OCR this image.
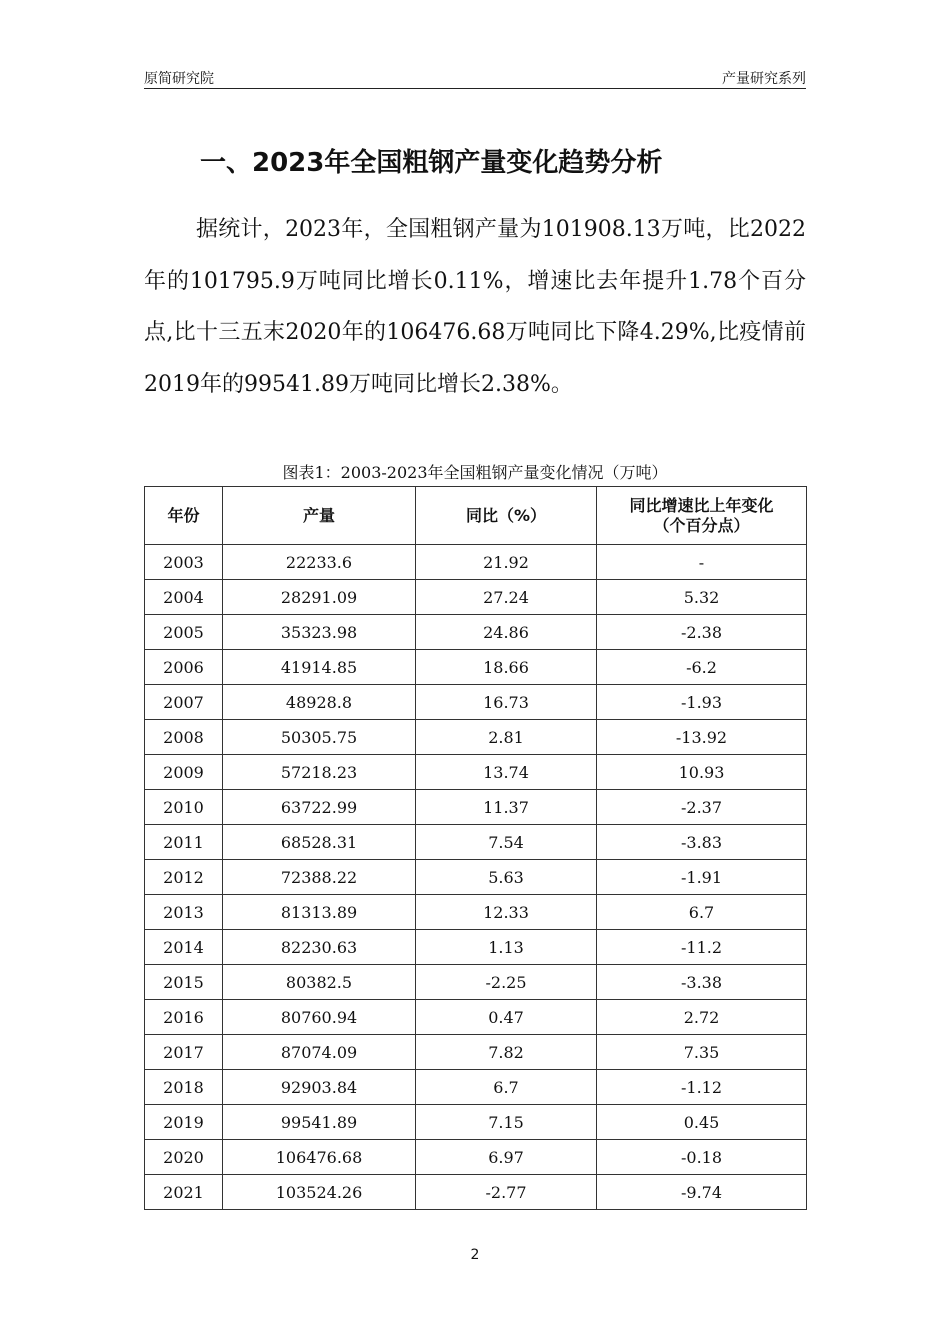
原简研究院	产量研究系列
一、2023年全国粗钢产量变化趋势分析

据统计，2023年，全国粗钢产量为101908.13万吨，比2022年的101795.9万吨同比增长0.11%，增速比去年提升1.78个百分点,比十三五末2020年的106476.68万吨同比下降4.29%,比疫情前2019年的99541.89万吨同比增长2.38%。

图表1：2003-2023年全国粗钢产量变化情况（万吨）
年份	产量	同比（%）	同比增速比上年变化
（个百分点）
2003	22233.6	21.92	-
2004	28291.09	27.24	5.32
2005	35323.98	24.86	-2.38
2006	41914.85	18.66	-6.2
2007	48928.8	16.73	-1.93
2008	50305.75	2.81	-13.92
2009	57218.23	13.74	10.93
2010	63722.99	11.37	-2.37
2011	68528.31	7.54	-3.83
2012	72388.22	5.63	-1.91
2013	81313.89	12.33	6.7
2014	82230.63	1.13	-11.2
2015	80382.5	-2.25	-3.38
2016	80760.94	0.47	2.72
2017	87074.09	7.82	7.35
2018	92903.84	6.7	-1.12
2019	99541.89	7.15	0.45
2020	106476.68	6.97	-0.18
2021	103524.26	-2.77	-9.74
2
